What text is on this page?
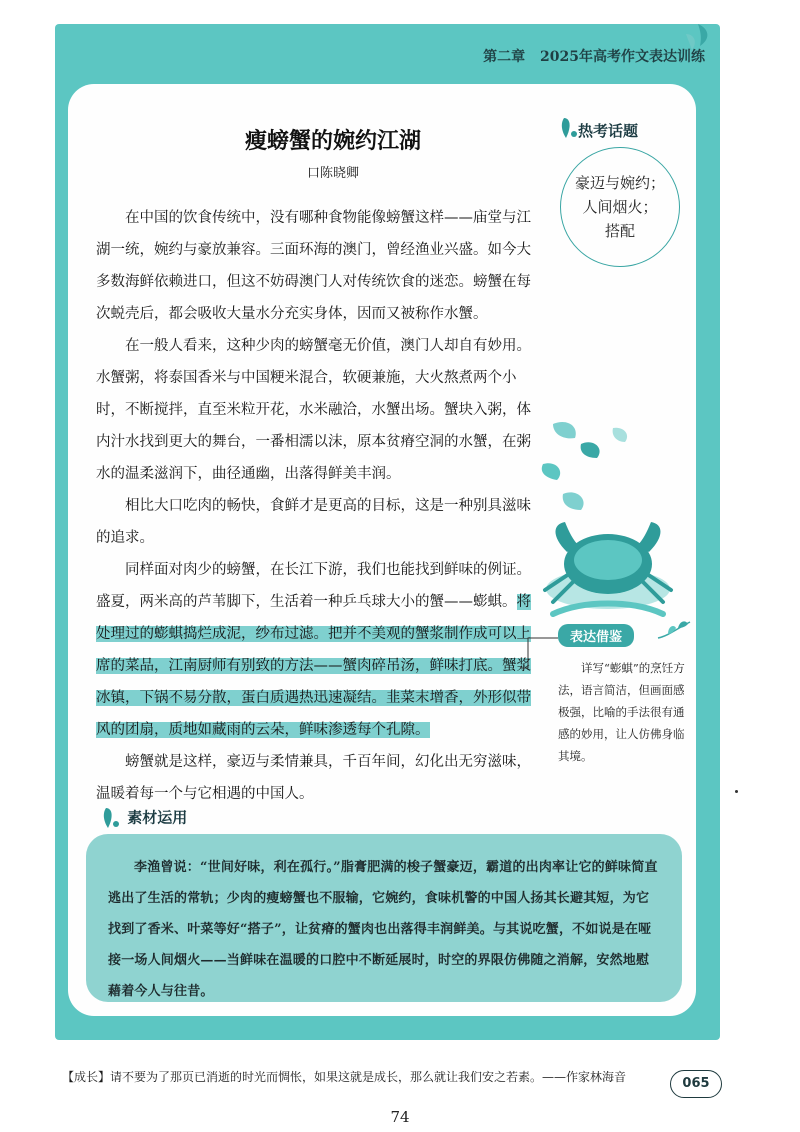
第二章 2025年高考作文表达训练
瘦螃蟹的婉约江湖
口陈晓卿

在中国的饮食传统中，没有哪种食物能像螃蟹这样——庙堂与江湖一统，婉约与豪放兼容。三面环海的澳门，曾经渔业兴盛。如今大多数海鲜依赖进口，但这不妨碍澳门人对传统饮食的迷恋。螃蟹在每次蜕壳后，都会吸收大量水分充实身体，因而又被称作水蟹。

在一般人看来，这种少肉的螃蟹毫无价值，澳门人却自有妙用。水蟹粥，将泰国香米与中国粳米混合，软硬兼施，大火熬煮两个小时，不断搅拌，直至米粒开花，水米融洽，水蟹出场。蟹块入粥，体内汁水找到更大的舞台，一番相濡以沫，原本贫瘠空洞的水蟹，在粥水的温柔滋润下，曲径通幽，出落得鲜美丰润。

相比大口吃肉的畅快，食鲜才是更高的目标，这是一种别具滋味的追求。

同样面对肉少的螃蟹，在长江下游，我们也能找到鲜味的例证。盛夏，两米高的芦苇脚下，生活着一种乒乓球大小的蟹——蟛蜞。将处理过的蟛蜞捣烂成泥，纱布过滤。把并不美观的蟹浆制作成可以上席的菜品，江南厨师有别致的方法——蟹肉碎吊汤，鲜味打底。蟹浆冰镇，下锅不易分散，蛋白质遇热迅速凝结。韭菜末增香，外形似带风的团扇，质地如藏雨的云朵，鲜味渗透每个孔隙。

螃蟹就是这样，豪迈与柔情兼具，千百年间，幻化出无穷滋味，温暖着每一个与它相遇的中国人。

热考话题
豪迈与婉约；
人间烟火；
搭配
表达借鉴
详写“蟛蜞”的烹饪方法，语言简洁，但画面感极强，比喻的手法很有通感的妙用，让人仿佛身临其境。
素材运用

李渔曾说：“世间好味，利在孤行。”脂膏肥满的梭子蟹豪迈，霸道的出肉率让它的鲜味简直逃出了生活的常轨；少肉的瘦螃蟹也不服输，它婉约，食味机警的中国人扬其长避其短，为它找到了香米、叶菜等好“搭子”，让贫瘠的蟹肉也出落得丰润鲜美。与其说吃蟹，不如说是在哑接一场人间烟火——当鲜味在温暖的口腔中不断延展时，时空的界限仿佛随之消解，安然地慰藉着今人与往昔。

【成长】请不要为了那页已消逝的时光而惆怅，如果这就是成长，那么就让我们安之若素。——作家林海音	065
74
